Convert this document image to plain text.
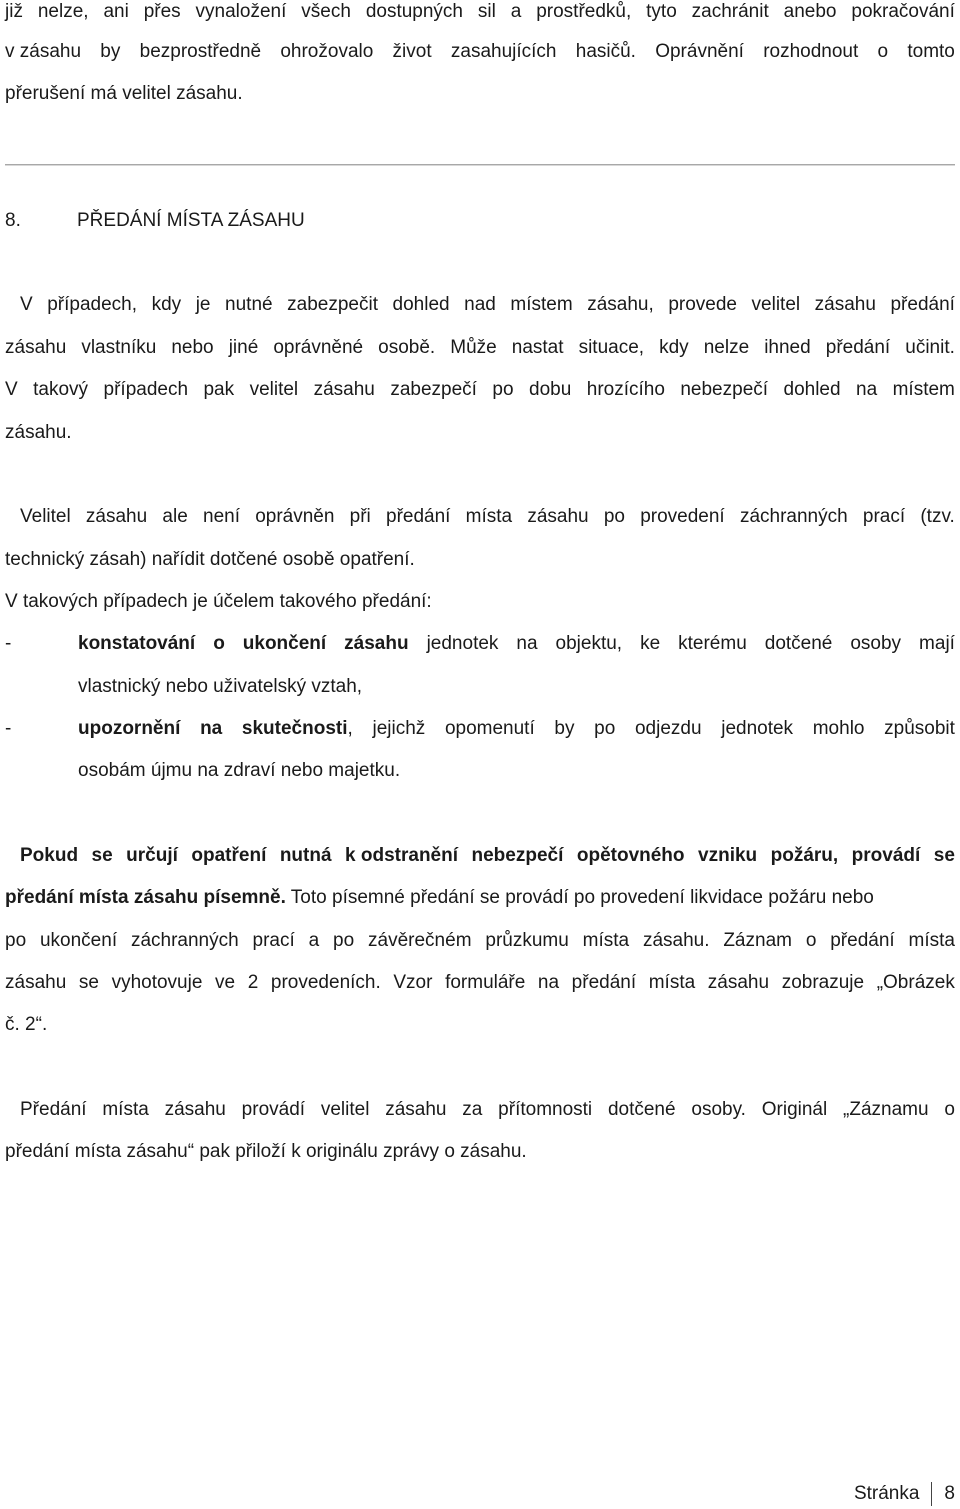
již nelze, ani přes vynaložení všech dostupných sil a prostředků, tyto zachránit anebo pokračování
v zásahu by bezprostředně ohrožovalo život zasahujících hasičů. Oprávnění rozhodnout o tomto
přerušení má velitel zásahu.
8.	PŘEDÁNÍ MÍSTA ZÁSAHU
V případech, kdy je nutné zabezpečit dohled nad místem zásahu, provede velitel zásahu předání
zásahu vlastníku nebo jiné oprávněné osobě. Může nastat situace, kdy nelze ihned předání učinit.
V takový případech pak velitel zásahu zabezpečí po dobu hrozícího nebezpečí dohled na místem
zásahu.
Velitel zásahu ale není oprávněn při předání místa zásahu po provedení záchranných prací (tzv.
technický zásah) nařídit dotčené osobě opatření.
V takových případech je účelem takového předání:
-	konstatování o ukončení zásahu jednotek na objektu, ke kterému dotčené osoby mají
vlastnický nebo uživatelský vztah,
-	upozornění na skutečnosti, jejichž opomenutí by po odjezdu jednotek mohlo způsobit
osobám újmu na zdraví nebo majetku.
Pokud se určují opatření nutná k odstranění nebezpečí opětovného vzniku požáru, provádí se
předání místa zásahu písemně. Toto písemné předání se provádí po provedení likvidace požáru nebo
po ukončení záchranných prací a po závěrečném průzkumu místa zásahu. Záznam o předání místa
zásahu se vyhotovuje ve 2 provedeních. Vzor formuláře na předání místa zásahu zobrazuje „Obrázek
č. 2“.
Předání místa zásahu provádí velitel zásahu za přítomnosti dotčené osoby. Originál „Záznamu o
předání místa zásahu“ pak přiloží k originálu zprávy o zásahu.
Stránka 8
